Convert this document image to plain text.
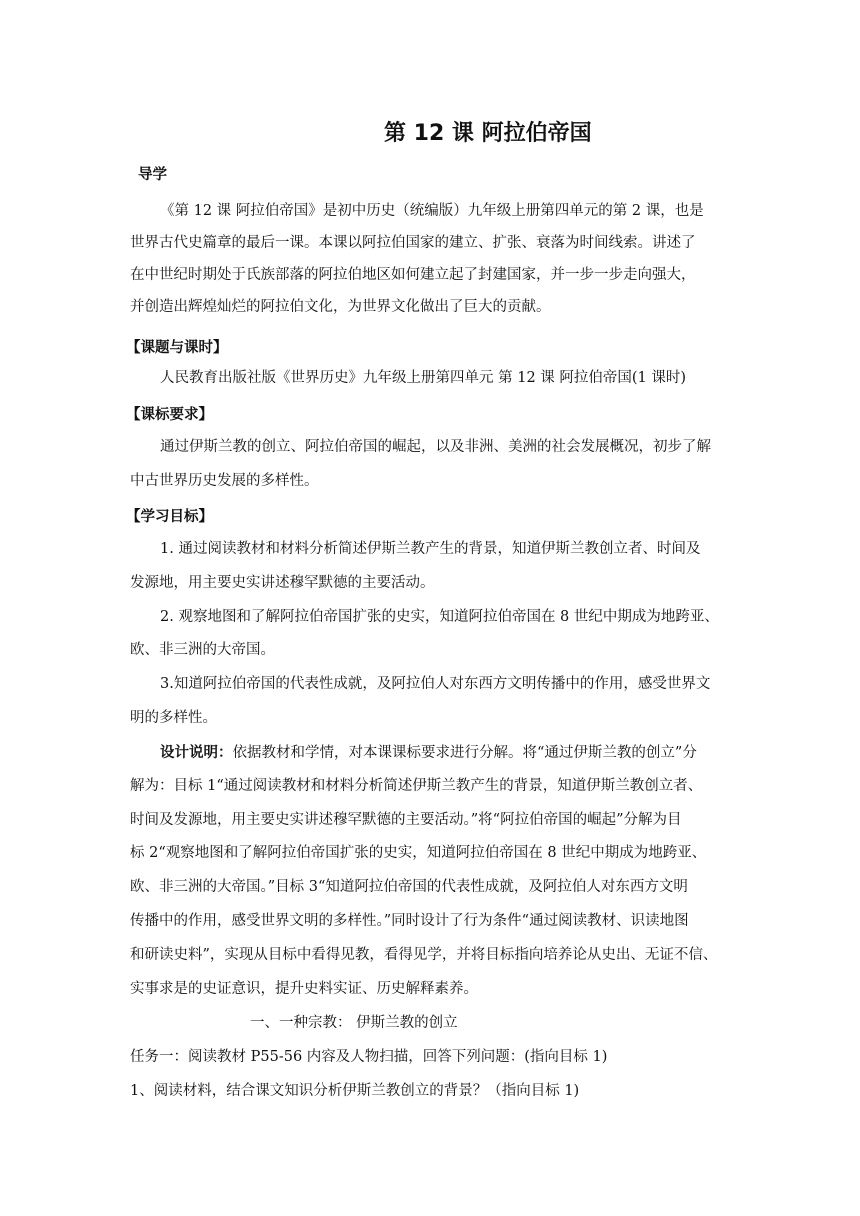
第 12 课 阿拉伯帝国
导学
《第 12 课 阿拉伯帝国》是初中历史（统编版）九年级上册第四单元的第 2 课，也是
世界古代史篇章的最后一课。本课以阿拉伯国家的建立、扩张、衰落为时间线索。讲述了
在中世纪时期处于氏族部落的阿拉伯地区如何建立起了封建国家，并一步一步走向强大，
并创造出辉煌灿烂的阿拉伯文化，为世界文化做出了巨大的贡献。
【课题与课时】
人民教育出版社版《世界历史》九年级上册第四单元 第 12 课 阿拉伯帝国(1 课时)
【课标要求】
通过伊斯兰教的创立、阿拉伯帝国的崛起，以及非洲、美洲的社会发展概况，初步了解
中古世界历史发展的多样性。
【学习目标】
1. 通过阅读教材和材料分析简述伊斯兰教产生的背景，知道伊斯兰教创立者、时间及
发源地，用主要史实讲述穆罕默德的主要活动。
2. 观察地图和了解阿拉伯帝国扩张的史实，知道阿拉伯帝国在 8 世纪中期成为地跨亚、
欧、非三洲的大帝国。
3.知道阿拉伯帝国的代表性成就，及阿拉伯人对东西方文明传播中的作用，感受世界文
明的多样性。
设计说明：依据教材和学情，对本课课标要求进行分解。将“通过伊斯兰教的创立”分
解为：目标 1“通过阅读教材和材料分析简述伊斯兰教产生的背景，知道伊斯兰教创立者、
时间及发源地，用主要史实讲述穆罕默德的主要活动。”将“阿拉伯帝国的崛起”分解为目
标 2“观察地图和了解阿拉伯帝国扩张的史实，知道阿拉伯帝国在 8 世纪中期成为地跨亚、
欧、非三洲的大帝国。”目标 3“知道阿拉伯帝国的代表性成就，及阿拉伯人对东西方文明
传播中的作用，感受世界文明的多样性。”同时设计了行为条件“通过阅读教材、识读地图
和研读史料”，实现从目标中看得见教，看得见学，并将目标指向培养论从史出、无证不信、
实事求是的史证意识，提升史料实证、历史解释素养。
一、一种宗教： 伊斯兰教的创立
任务一：阅读教材 P55-56 内容及人物扫描，回答下列问题：(指向目标 1)
1、阅读材料，结合课文知识分析伊斯兰教创立的背景？（指向目标 1)
